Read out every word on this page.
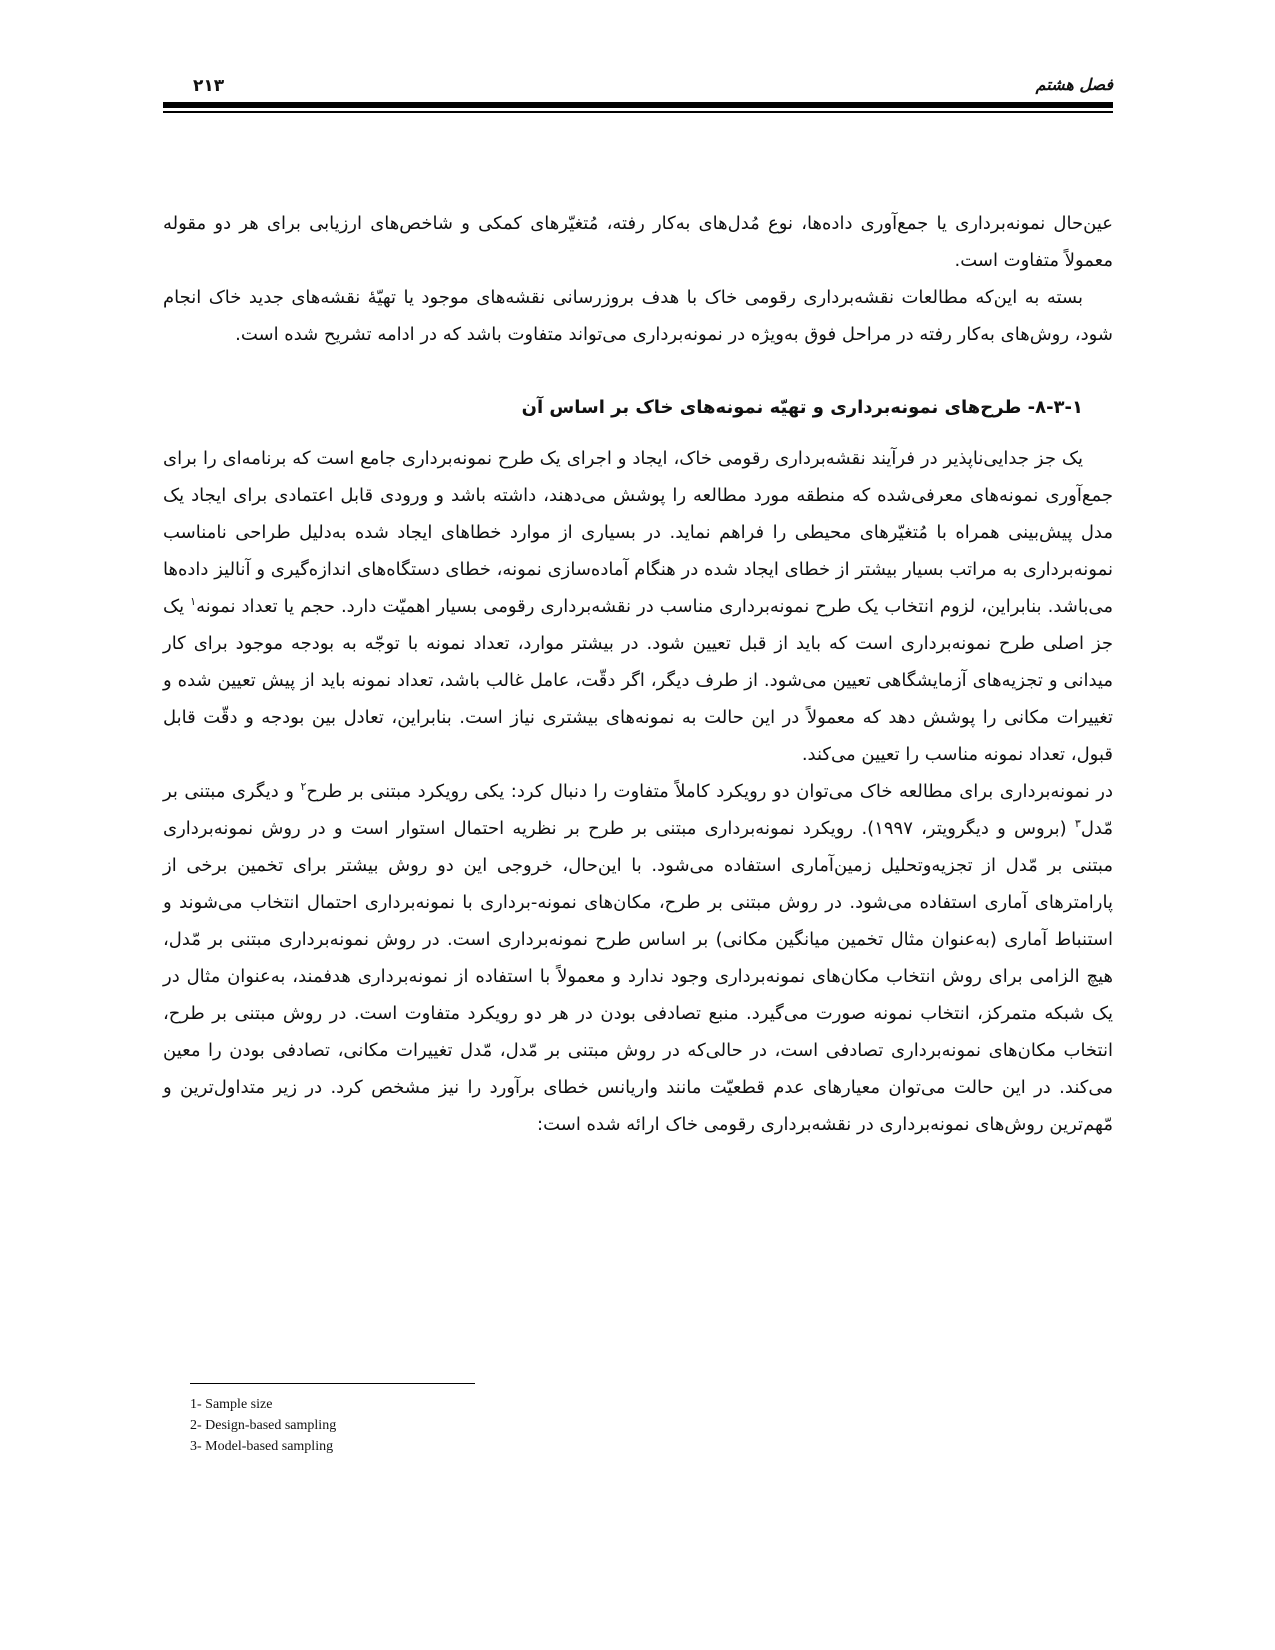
۲۱۳	فصل هشتم

عین‌حال نمونه‌برداری یا جمع‌آوری داده‌ها، نوع مُدل‌های به‌کار رفته، مُتغیّرهای کمکی و شاخص‌های ارزیابی برای هر دو مقوله معمولاً متفاوت است.

بسته به این‌که مطالعات نقشه‌برداری رقومی خاک با هدف بروزرسانی نقشه‌های موجود یا تهیّهٔ نقشه‌های جدید خاک انجام شود، روش‌های به‌کار رفته در مراحل فوق به‌ویژه در نمونه‌برداری می‌تواند متفاوت باشد که در ادامه تشریح شده است.

۸-۳-۱- طرح‌های نمونه‌برداری و تهیّه نمونه‌های خاک بر اساس آن

یک جز جدایی‌ناپذیر در فرآیند نقشه‌برداری رقومی خاک، ایجاد و اجرای یک طرح نمونه‌برداری جامع است که برنامه‌ای را برای جمع‌آوری نمونه‌های معرفی‌شده که منطقه مورد مطالعه را پوشش می‌دهند، داشته باشد و ورودی قابل اعتمادی برای ایجاد یک مدل پیش‌بینی همراه با مُتغیّرهای محیطی را فراهم نماید. در بسیاری از موارد خطاهای ایجاد شده به‌دلیل طراحی نامناسب نمونه‌برداری به مراتب بسیار بیشتر از خطای ایجاد شده در هنگام آماده‌سازی نمونه، خطای دستگاه‌های اندازه‌گیری و آنالیز داده‌ها می‌باشد. بنابراین، لزوم انتخاب یک طرح نمونه‌برداری مناسب در نقشه‌برداری رقومی بسیار اهمیّت دارد. حجم یا تعداد نمونه$^۱$ یک جز اصلی طرح نمونه‌برداری است که باید از قبل تعیین شود. در بیشتر موارد، تعداد نمونه با توجّه به بودجه موجود برای کار میدانی و تجزیه‌های آزمایشگاهی تعیین می‌شود. از طرف دیگر، اگر دقّت، عامل غالب باشد، تعداد نمونه باید از پیش تعیین شده و تغییرات مکانی را پوشش دهد که معمولاً در این حالت به نمونه‌های بیشتری نیاز است. بنابراین، تعادل بین بودجه و دقّت قابل قبول، تعداد نمونه مناسب را تعیین می‌کند.

در نمونه‌برداری برای مطالعه خاک می‌توان دو رویکرد کاملاً متفاوت را دنبال کرد: یکی رویکرد مبتنی بر طرح$^۲$ و دیگری مبتنی بر مّدل$^۳$ (بروس و دیگرویتر، ۱۹۹۷). رویکرد نمونه‌برداری مبتنی بر طرح بر نظریه احتمال استوار است و در روش نمونه‌برداری مبتنی بر مّدل از تجزیه‌وتحلیل زمین‌آماری استفاده می‌شود. با این‌حال، خروجی این دو روش بیشتر برای تخمین برخی از پارامترهای آماری استفاده می‌شود. در روش مبتنی بر طرح، مکان‌های نمونه-برداری با نمونه‌برداری احتمال انتخاب می‌شوند و استنباط آماری (به‌عنوان مثال تخمین میانگین مکانی) بر اساس طرح نمونه‌برداری است. در روش نمونه‌برداری مبتنی بر مّدل، هیچ الزامی برای روش انتخاب مکان‌های نمونه‌برداری وجود ندارد و معمولاً با استفاده از نمونه‌برداری هدفمند، به‌عنوان مثال در یک شبکه متمرکز، انتخاب نمونه صورت می‌گیرد. منبع تصادفی بودن در هر دو رویکرد متفاوت است. در روش مبتنی بر طرح، انتخاب مکان‌های نمونه‌برداری تصادفی است، در حالی‌که در روش مبتنی بر مّدل، مّدل تغییرات مکانی، تصادفی بودن را معین می‌کند. در این حالت می‌توان معیارهای عدم قطعیّت مانند واریانس خطای برآورد را نیز مشخص کرد. در زیر متداول‌ترین و مّهم‌ترین روش‌های نمونه‌برداری در نقشه‌برداری رقومی خاک ارائه شده است:

1- Sample size
2- Design-based sampling
3- Model-based sampling
